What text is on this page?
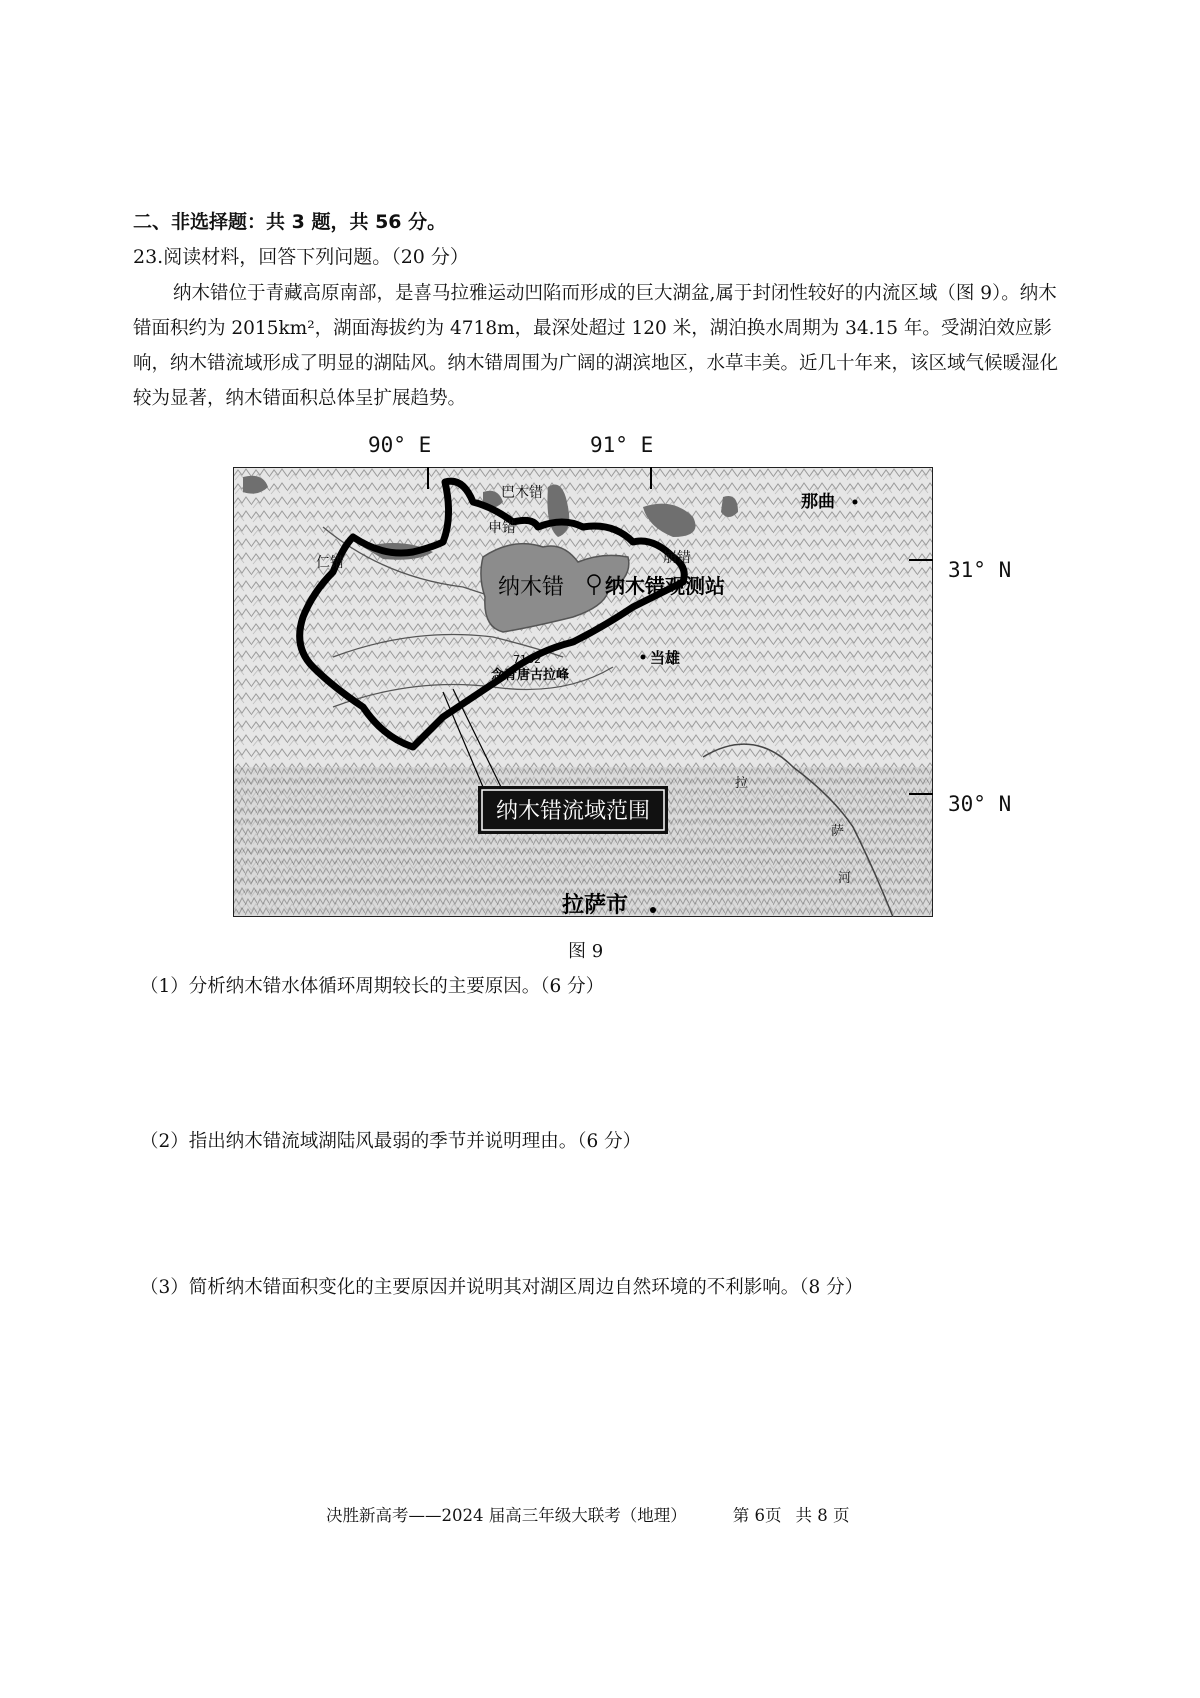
二、非选择题：共 3 题，共 56 分。
23.阅读材料，回答下列问题。（20 分）

纳木错位于青藏高原南部，是喜马拉雅运动凹陷而形成的巨大湖盆,属于封闭性较好的内流区域（图 9）。纳木错面积约为 2015km²，湖面海拔约为 4718m，最深处超过 120 米，湖泊换水周期为 34.15 年。受湖泊效应影响，纳木错流域形成了明显的湖陆风。纳木错周围为广阔的湖滨地区，水草丰美。近几十年来，该区域气候暖湿化较为显著，纳木错面积总体呈扩展趋势。

90° E	91° E
31° N
30° N
巴木错	那曲
申错
崩错
仁错
纳木错 纳木错观测站
7162
念青唐古拉峰
当雄
拉
萨
河
拉萨市
纳木错流域范围
图 9
（1）分析纳木错水体循环周期较长的主要原因。（6 分）
（2）指出纳木错流域湖陆风最弱的季节并说明理由。（6 分）
（3）简析纳木错面积变化的主要原因并说明其对湖区周边自然环境的不利影响。（8 分）
决胜新高考——2024 届高三年级大联考（地理）	第 6页 共 8 页
